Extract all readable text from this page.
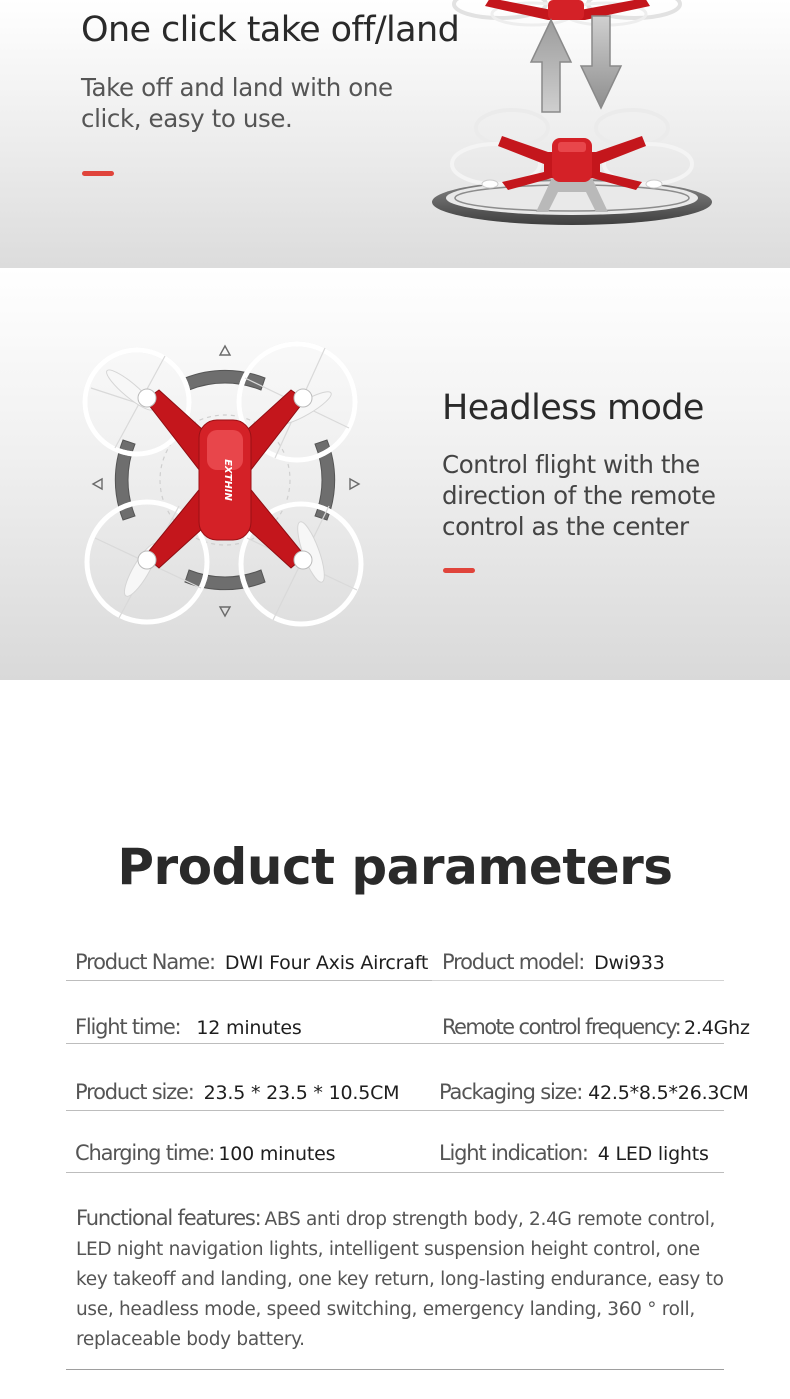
One click take off/land

Take off and land with one click, easy to use.

EXTHIN
Headless mode

Control flight with the direction of the remote control as the center

Product parameters
Product Name: DWI Four Axis Aircraft Product model: Dwi933
Flight time: 12 minutes	Remote control frequency: 2.4Ghz
Product size: 23.5 * 23.5 * 10.5CM Packaging size: 42.5*8.5*26.3CM
Charging time: 100 minutes	Light indication: 4 LED lights

Functional features: ABS anti drop strength body, 2.4G remote control, LED night navigation lights, intelligent suspension height control, one key takeoff and landing, one key return, long-lasting endurance, easy to use, headless mode, speed switching, emergency landing, 360 ° roll, replaceable body battery.
